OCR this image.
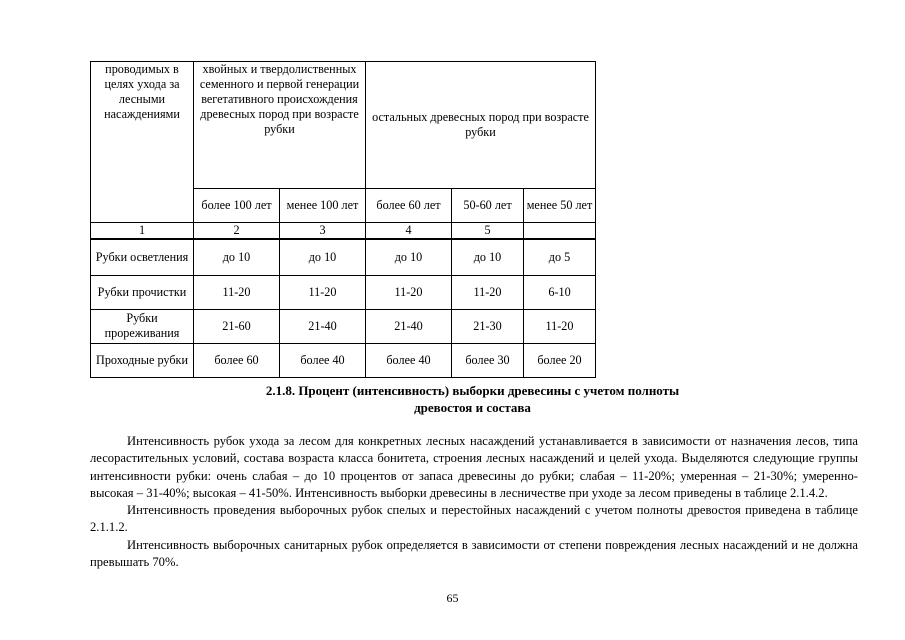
проводимых в целях ухода за лесными насаждениями	хвойных и твердолиственных семенного и первой генерации вегетативного происхождения древесных пород при возрасте рубки		остальных древесных пород при возрасте рубки		
	более 100 лет	менее 100 лет	более 60 лет	50-60 лет	менее 50 лет
1	2	3	4	5	
Рубки осветления	до 10	до 10	до 10	до 10	до 5
Рубки прочистки	11-20	11-20	11-20	11-20	6-10
Рубки прореживания	21-60	21-40	21-40	21-30	11-20
Проходные рубки	более 60	более 40	более 40	более 30	более 20
2.1.8. Процент (интенсивность) выборки древесины с учетом полноты
древостоя и состава

Интенсивность рубок ухода за лесом для конкретных лесных насаждений устанавливается в зависимости от назначения лесов, типа лесорастительных условий, состава возраста класса бонитета, строения лесных насаждений и целей ухода. Выделяются следующие группы интенсивности рубки: очень слабая – до 10 процентов от запаса древесины до рубки; слабая – 11-20%; умеренная – 21-30%; умеренно-высокая – 31-40%; высокая – 41-50%. Интенсивность выборки древесины в лесничестве при уходе за лесом приведены в таблице 2.1.4.2.

Интенсивность проведения выборочных рубок спелых и перестойных насаждений с учетом полноты древостоя приведена в таблице 2.1.1.2.

Интенсивность выборочных санитарных рубок определяется в зависимости от степени повреждения лесных насаждений и не должна превышать 70%.

65
